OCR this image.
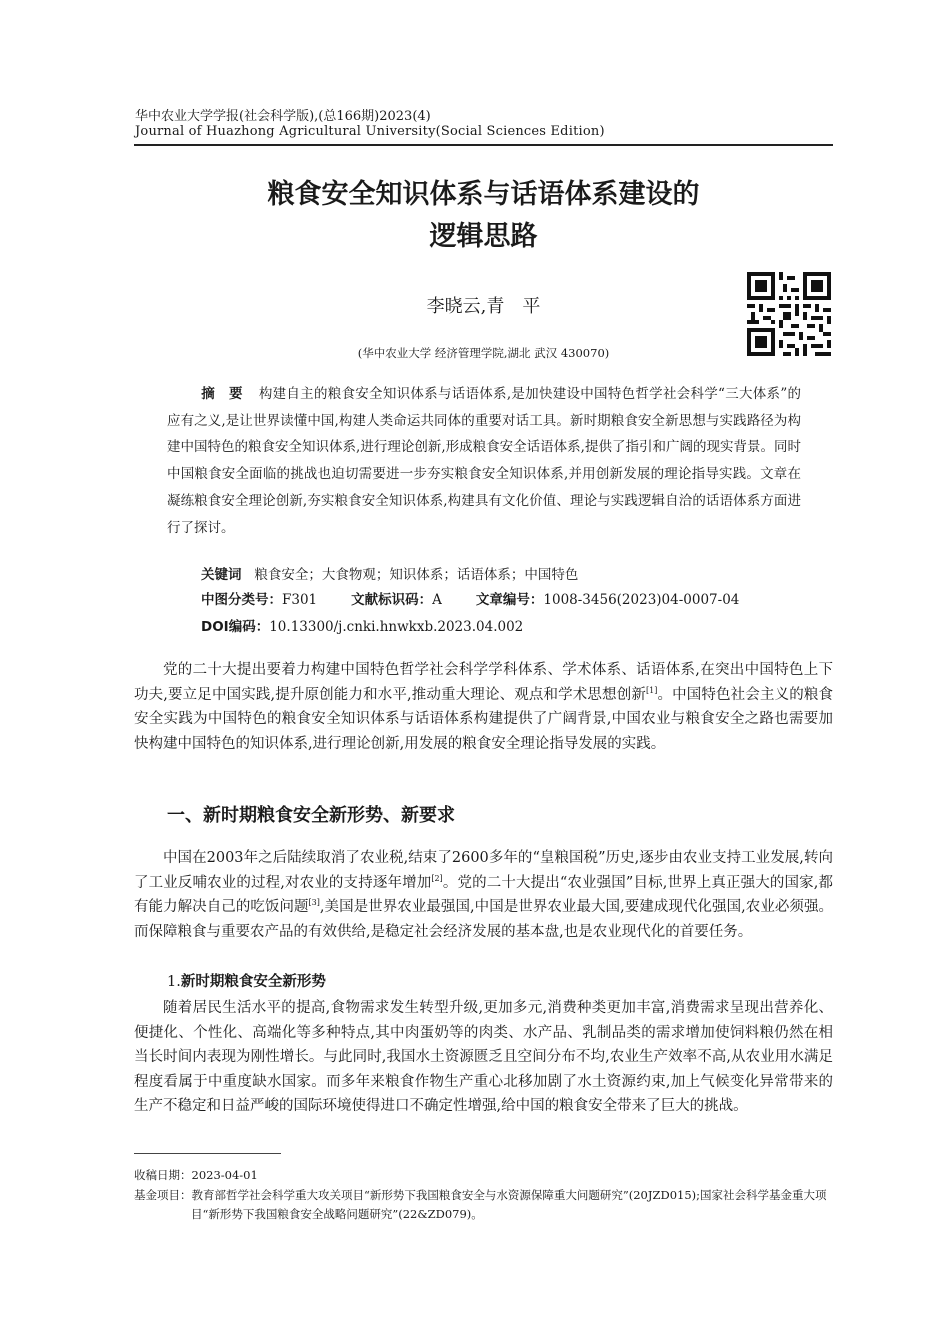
华中农业大学学报(社会科学版),(总166期)2023(4)
Journal of Huazhong Agricultural University(Social Sciences Edition)
粮食安全知识体系与话语体系建设的
逻辑思路
李晓云,青　平
(华中农业大学 经济管理学院,湖北 武汉 430070)
摘要 构建自主的粮食安全知识体系与话语体系,是加快建设中国特色哲学社会科学“三大体系”的应有之义,是让世界读懂中国,构建人类命运共同体的重要对话工具。新时期粮食安全新思想与实践路径为构建中国特色的粮食安全知识体系,进行理论创新,形成粮食安全话语体系,提供了指引和广阔的现实背景。同时中国粮食安全面临的挑战也迫切需要进一步夯实粮食安全知识体系,并用创新发展的理论指导实践。文章在凝练粮食安全理论创新,夯实粮食安全知识体系,构建具有文化价值、理论与实践逻辑自洽的话语体系方面进行了探讨。
关键词 粮食安全；大食物观；知识体系；话语体系；中国特色
中图分类号：F301	文献标识码：A	文章编号：1008-3456(2023)04-0007-04
DOI编码：10.13300/j.cnki.hnwkxb.2023.04.002

党的二十大提出要着力构建中国特色哲学社会科学学科体系、学术体系、话语体系,在突出中国特色上下功夫,要立足中国实践,提升原创能力和水平,推动重大理论、观点和学术思想创新[1]。中国特色社会主义的粮食安全实践为中国特色的粮食安全知识体系与话语体系构建提供了广阔背景,中国农业与粮食安全之路也需要加快构建中国特色的知识体系,进行理论创新,用发展的粮食安全理论指导发展的实践。

一、新时期粮食安全新形势、新要求

中国在2003年之后陆续取消了农业税,结束了2600多年的“皇粮国税”历史,逐步由农业支持工业发展,转向了工业反哺农业的过程,对农业的支持逐年增加[2]。党的二十大提出“农业强国”目标,世界上真正强大的国家,都有能力解决自己的吃饭问题[3],美国是世界农业最强国,中国是世界农业最大国,要建成现代化强国,农业必须强。而保障粮食与重要农产品的有效供给,是稳定社会经济发展的基本盘,也是农业现代化的首要任务。

1.新时期粮食安全新形势

随着居民生活水平的提高,食物需求发生转型升级,更加多元,消费种类更加丰富,消费需求呈现出营养化、便捷化、个性化、高端化等多种特点,其中肉蛋奶等的肉类、水产品、乳制品类的需求增加使饲料粮仍然在相当长时间内表现为刚性增长。与此同时,我国水土资源匮乏且空间分布不均,农业生产效率不高,从农业用水满足程度看属于中重度缺水国家。而多年来粮食作物生产重心北移加剧了水土资源约束,加上气候变化异常带来的生产不稳定和日益严峻的国际环境使得进口不确定性增强,给中国的粮食安全带来了巨大的挑战。

收稿日期：2023-04-01
基金项目：教育部哲学社会科学重大攻关项目“新形势下我国粮食安全与水资源保障重大问题研究”(20JZD015);国家社会科学基金重大项目“新形势下我国粮食安全战略问题研究”(22&ZD079)。
